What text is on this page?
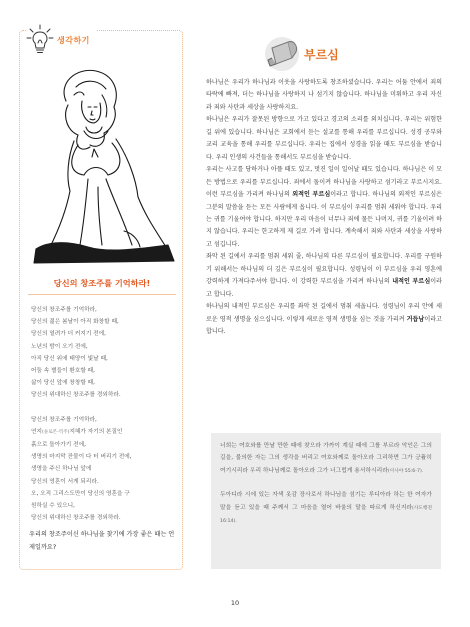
생각하기
당신의 창조주를 기억하라!
당신의 창조주를 기억하라,
당신의 젊은 봄날이 아직 화창할 때,
당신의 열려가 더 커지기 전에,
노년의 밤이 오기 전에,
아직 당신 위에 태양이 빛날 때,
어둠 속 별들이 환호할 때,
삶이 당신 앞에 창창할 때,
당신의 위대하신 창조주를 경외하라.
당신의 창조주를 기억하라,
연지(솔로몬-역주)지혜가 자기의 본질인
흙으로 돌아가기 전에,
생명의 마지막 잔물이 다 터 버리기 전에,
생명을 주신 하나님 앞에
당신의 영혼이 서게 되리라.
오, 오직 그리스도만이 당신의 영혼을 구
원하실 수 있으니,
당신의 위대하신 창조주를 경외하라.
우리의 창조주이신 하나님을 찾기에 가장 좋은 때는 언제일까요?
부르심

하나님은 우리가 하나님과 이웃을 사랑하도록 창조하셨습니다. 우리는 어둠 안에서 죄의 타락에 빠져, 더는 하나님을 사랑하지 나 섬기지 않습니다. 하나님을 미워하고 우리 자신과 죄와 사탄과 세상을 사랑하지요.

하나님은 우리가 잘못된 방향으로 가고 있다고 경고의 소리를 외치십니다. 우리는 위험한 길 위에 있습니다. 하나님은 교회에서 듣는 설교를 통해 우리를 부르십니다. 성경 공부와 교리 교육을 통해 우리를 부르십니다. 우리는 집에서 성경을 읽을 때도 부르심을 받습니다. 우리 인생의 사건들을 통해서도 부르심을 받습니다.

우리는 사고를 당하거나 아플 때도 있고, 멋진 일이 일어날 때도 있습니다. 하나님은 이 모든 방법으로 우리를 부르십니다. 죄에서 돌이켜 하나님을 사랑하고 섬기라고 부르시지요. 이런 부르심을 가리켜 하나님의 외적인 부르심이라고 합니다. 하나님의 외적인 부르심은 그분의 말씀을 듣는 모든 사람에게 옵니다. 이 부르심이 우리를 멈춰 세워야 합니다. 우리는 귀를 기울여야 합니다. 하지만 우리 마음이 너무나 죄에 물든 나머지, 귀를 기울이려 하지 않습니다. 우리는 한고하게 제 길로 가려 합니다. 계속해서 죄와 사탄과 세상을 사랑하고 섬깁니다.

좌악 된 길에서 우리를 멈춰 세워 줄, 하나님의 다른 부르심이 필요합니다. 우리를 구원하기 위해서는 하나님의 더 깊은 부르심이 필요합니다. 성령님이 이 부르심을 우리 영혼에 강력하게 가져다주셔야 합니다. 이 강력한 부르심을 가리켜 하나님의 내적인 부르심이라고 합니다.

하나님의 내적인 부르심은 우리를 좌악 된 길에서 멈춰 세웁니다. 성령님이 우리 안에 새로운 영적 생명을 심으십니다. 이렇게 새로운 영적 생명을 심는 것을 가리켜 거듭남이라고 합니다.

너희는 여호와를 만날 만한 때에 찾으라 가까이 계실 때에 그를 부르라 악인은 그의 길을, 불의한 자는 그의 생각을 버리고 여호와께로 돌아오라 그리하면 그가 긍휼히 여기시리라 우리 하나님께로 돌아오라 그가 너그럽게 용서하시리라(이사야 55:6-7).

두아디라 시에 있는 자색 옷감 장사로서 하나님을 섬기는 루디아라 하는 한 여자가 말을 듣고 있을 때 주께서 그 마음을 열어 바울의 말을 따르게 하신지라(사도행전 16:14).

10
